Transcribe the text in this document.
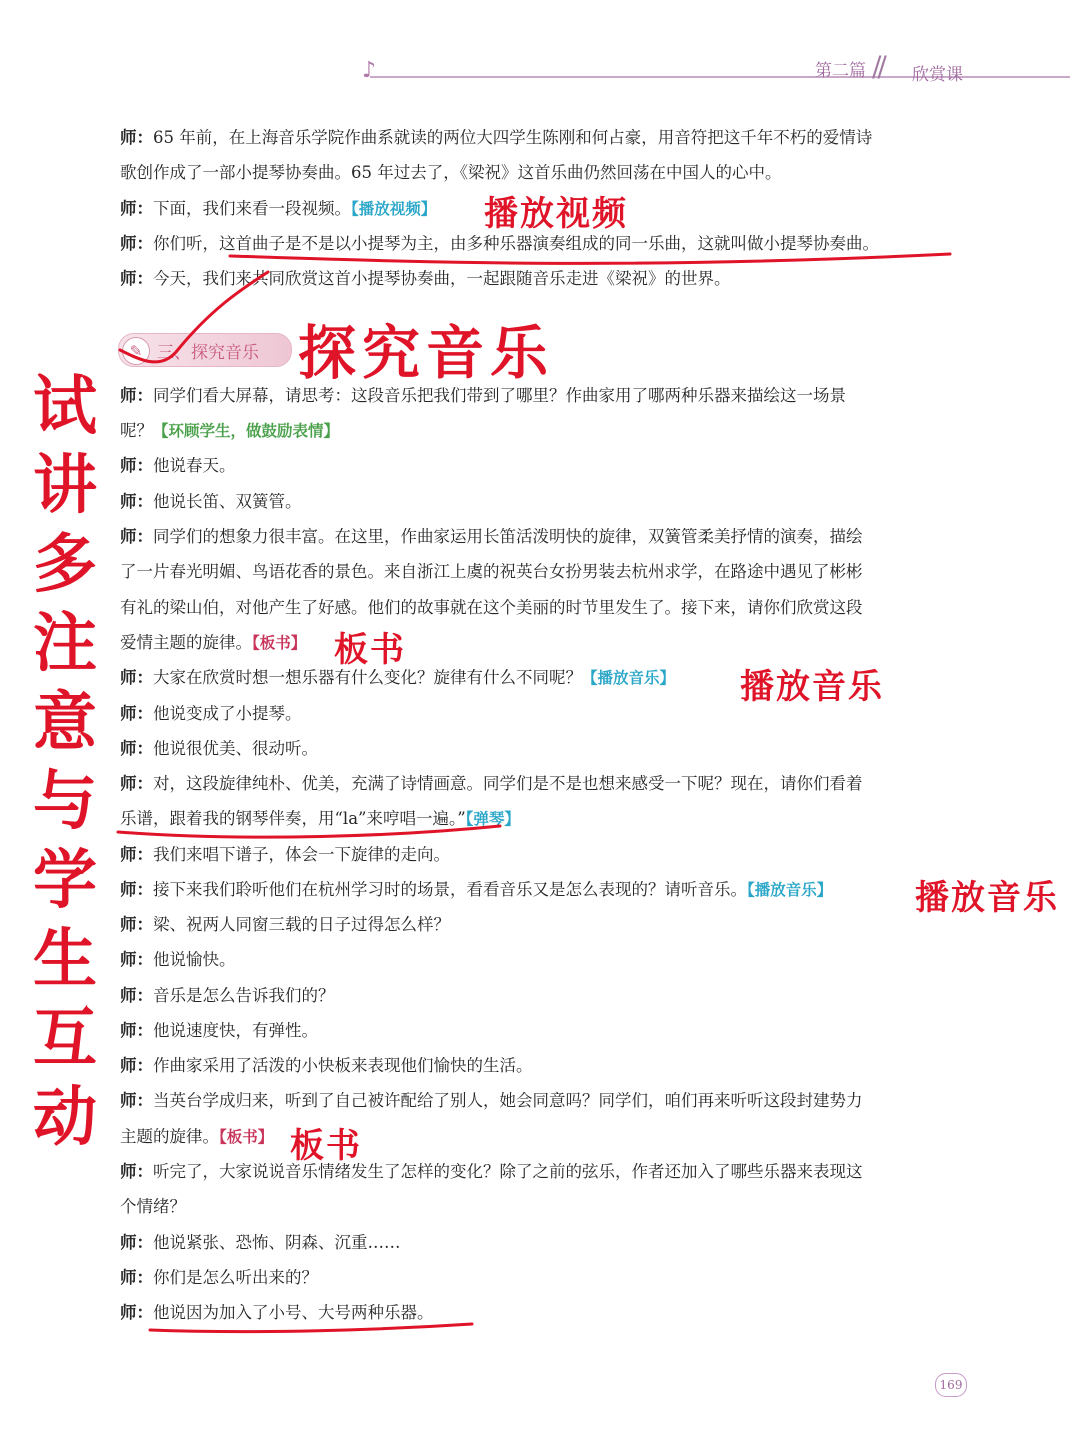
♪	第二篇 // 欣赏课
✎ 三、探究音乐
师：65 年前，在上海音乐学院作曲系就读的两位大四学生陈刚和何占豪，用音符把这千年不朽的爱情诗
歌创作成了一部小提琴协奏曲。65 年过去了，《梁祝》这首乐曲仍然回荡在中国人的心中。
师：下面，我们来看一段视频。【播放视频】
师：你们听，这首曲子是不是以小提琴为主，由多种乐器演奏组成的同一乐曲，这就叫做小提琴协奏曲。
师：今天，我们来共同欣赏这首小提琴协奏曲，一起跟随音乐走进《梁祝》的世界。
师：同学们看大屏幕，请思考：这段音乐把我们带到了哪里？作曲家用了哪两种乐器来描绘这一场景
呢？【环顾学生，做鼓励表情】
师：他说春天。
师：他说长笛、双簧管。
师：同学们的想象力很丰富。在这里，作曲家运用长笛活泼明快的旋律，双簧管柔美抒情的演奏，描绘
了一片春光明媚、鸟语花香的景色。来自浙江上虞的祝英台女扮男装去杭州求学，在路途中遇见了彬彬
有礼的梁山伯，对他产生了好感。他们的故事就在这个美丽的时节里发生了。接下来，请你们欣赏这段
爱情主题的旋律。【板书】
师：大家在欣赏时想一想乐器有什么变化？旋律有什么不同呢？【播放音乐】
师：他说变成了小提琴。
师：他说很优美、很动听。
师：对，这段旋律纯朴、优美，充满了诗情画意。同学们是不是也想来感受一下呢？现在，请你们看着
乐谱，跟着我的钢琴伴奏，用“la”来哼唱一遍。”【弹琴】
师：我们来唱下谱子，体会一下旋律的走向。
师：接下来我们聆听他们在杭州学习时的场景，看看音乐又是怎么表现的？请听音乐。【播放音乐】
师：梁、祝两人同窗三载的日子过得怎么样？
师：他说愉快。
师：音乐是怎么告诉我们的？
师：他说速度快，有弹性。
师：作曲家采用了活泼的小快板来表现他们愉快的生活。
师：当英台学成归来，听到了自己被许配给了别人，她会同意吗？同学们，咱们再来听听这段封建势力
主题的旋律。【板书】
师：听完了，大家说说音乐情绪发生了怎样的变化？除了之前的弦乐，作者还加入了哪些乐器来表现这
个情绪？
师：他说紧张、恐怖、阴森、沉重……
师：你们是怎么听出来的？
师：他说因为加入了小号、大号两种乐器。
播放视频
探究音乐
板书
播放音乐
播放音乐
板书
试
讲
多
注
意
与
学
生
互
动
169
